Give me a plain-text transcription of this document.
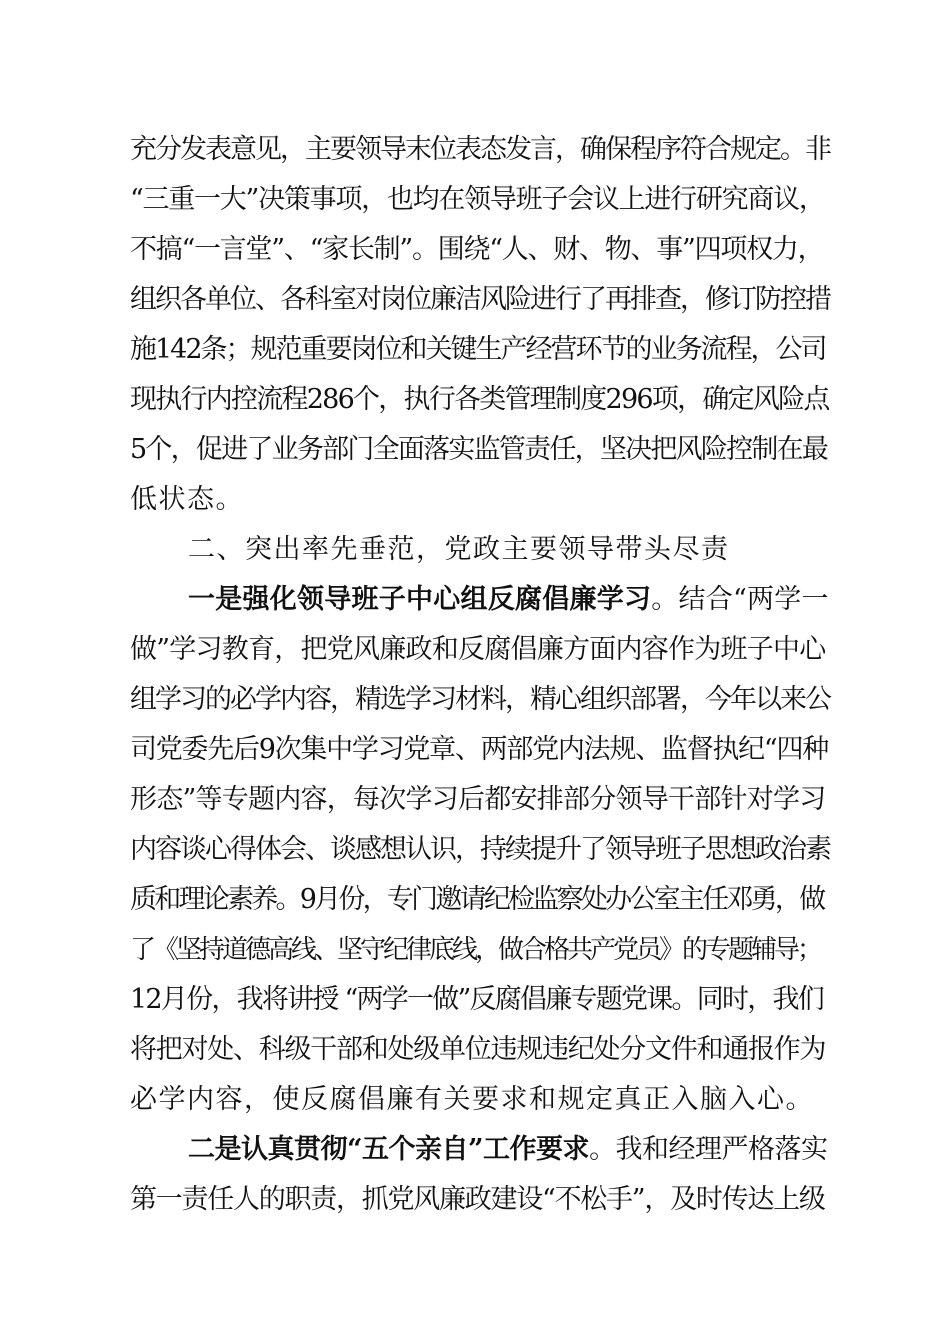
充分发表意见，主要领导末位表态发言，确保程序符合规定。非
“三重一大”决策事项，也均在领导班子会议上进行研究商议，
不搞“一言堂”、“家长制”。围绕“人、财、物、事”四项权力，
组织各单位、各科室对岗位廉洁风险进行了再排查，修订防控措
施142条；规范重要岗位和关键生产经营环节的业务流程，公司
现执行内控流程286个，执行各类管理制度296项，确定风险点
5个，促进了业务部门全面落实监管责任，坚决把风险控制在最
低状态。
二、突出率先垂范，党政主要领导带头尽责
一是强化领导班子中心组反腐倡廉学习。结合“两学一
做”学习教育，把党风廉政和反腐倡廉方面内容作为班子中心
组学习的必学内容，精选学习材料，精心组织部署，今年以来公
司党委先后9次集中学习党章、两部党内法规、监督执纪“四种
形态”等专题内容，每次学习后都安排部分领导干部针对学习
内容谈心得体会、谈感想认识，持续提升了领导班子思想政治素
质和理论素养。9月份，专门邀请纪检监察处办公室主任邓勇，做
了《坚持道德高线、坚守纪律底线，做合格共产党员》的专题辅导；
12月份，我将讲授 “两学一做”反腐倡廉专题党课。同时，我们
将把对处、科级干部和处级单位违规违纪处分文件和通报作为
必学内容，使反腐倡廉有关要求和规定真正入脑入心。
二是认真贯彻“五个亲自”工作要求。我和经理严格落实
第一责任人的职责，抓党风廉政建设“不松手”，及时传达上级
